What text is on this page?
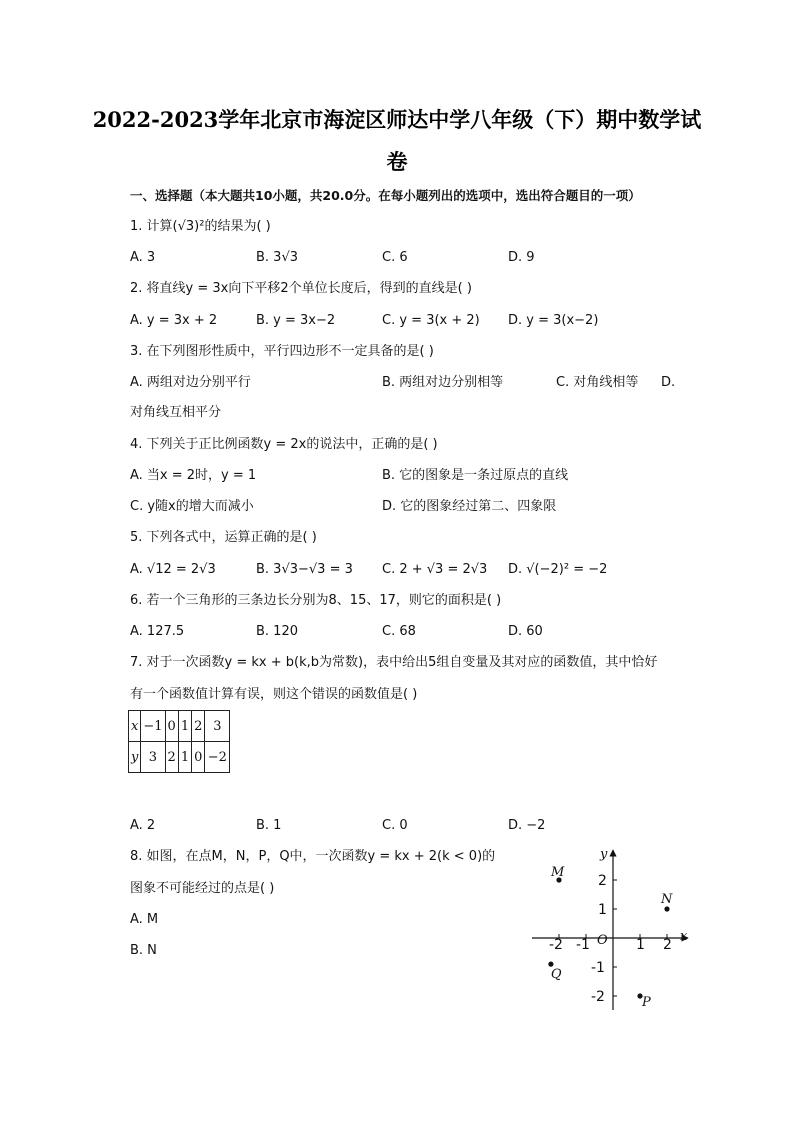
2022-2023学年北京市海淀区师达中学八年级（下）期中数学试
卷
一、选择题（本大题共10小题，共20.0分。在每小题列出的选项中，选出符合题目的一项）
1. 计算(√3)²的结果为( )
A. 3	B. 3√3	C. 6	D. 9
2. 将直线y = 3x向下平移2个单位长度后，得到的直线是( )
A. y = 3x + 2	B. y = 3x−2	C. y = 3(x + 2) D. y = 3(x−2)
3. 在下列图形性质中，平行四边形不一定具备的是( )
A. 两组对边分别平行	B. 两组对边分别相等	C. 对角线相等 D.
对角线互相平分
4. 下列关于正比例函数y = 2x的说法中，正确的是( )
A. 当x = 2时，y = 1	B. 它的图象是一条过原点的直线
C. y随x的增大而减小	D. 它的图象经过第二、四象限
5. 下列各式中，运算正确的是( )
A. √12 = 2√3	B. 3√3−√3 = 3 C. 2 + √3 = 2√3 D. √(−2)² = −2
6. 若一个三角形的三条边长分别为8、15、17，则它的面积是( )
A. 127.5	B. 120	C. 68	D. 60
7. 对于一次函数y = kx + b(k,b为常数)，表中给出5组自变量及其对应的函数值，其中恰好
有一个函数值计算有误，则这个错误的函数值是( )
x	−1	0	1	2	3
y	3	2	1	0	−2
A. 2	B. 1	C. 0	D. −2
8. 如图，在点M，N，P，Q中，一次函数y = kx + 2(k < 0)的
图象不可能经过的点是( )
A. M
B. N	-2 -1	1 2
2
1
-1
-2
x
y
O
M
N
P
Q
